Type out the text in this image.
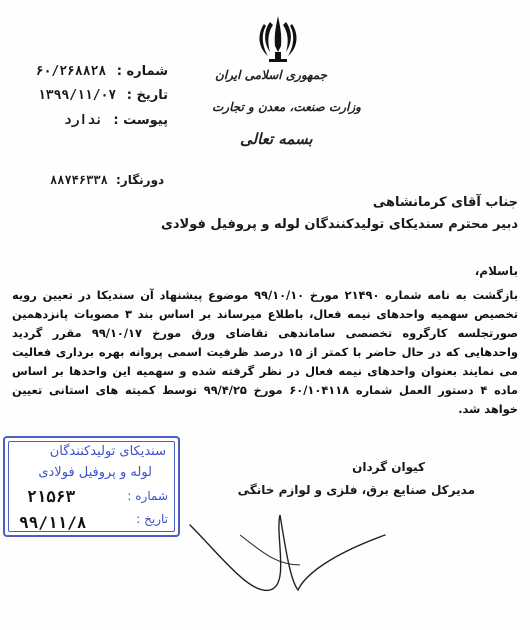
جمهوری اسلامی ایران
وزارت صنعت، معدن و تجارت
بسمه تعالی
شماره : ۶۰/۲۶۸۸۲۸
تاریخ : ۱۳۹۹/۱۱/۰۷
پیوست : ندارد
دورنگار: ۸۸۷۴۶۳۳۸
جناب آقای کرمانشاهی
دبیر محترم سندیکای تولیدکنندگان لوله و پروفیل فولادی
باسلام،
بازگشت به نامه شماره ۲۱۴۹۰ مورخ ۹۹/۱۰/۱۰ موضوع پیشنهاد آن سندیکا در تعیین رویه تخصیص سهمیه واحدهای نیمه فعال، باطلاع میرساند بر اساس بند ۳ مصوبات پانزدهمین صورتجلسه کارگروه تخصصی ساماندهی تقاضای ورق مورخ ۹۹/۱۰/۱۷ مقرر گردید واحدهایی که در حال حاضر با کمتر از ۱۵ درصد ظرفیت اسمی پروانه بهره برداری فعالیت می نمایند بعنوان واحدهای نیمه فعال در نظر گرفته شده و سهمیه این واحدها بر اساس ماده ۴ دستور العمل شماره ۶۰/۱۰۴۱۱۸ مورخ ۹۹/۴/۲۵ توسط کمیته های استانی تعیین خواهد شد.
کیوان گردان
مدیرکل صنایع برق، فلزی و لوازم خانگی
سندیکای تولیدکنندگان
لوله و پروفیل فولادی
شماره :
تاریخ :
۲۱۵۶۳
۹۹/۱۱/۸
